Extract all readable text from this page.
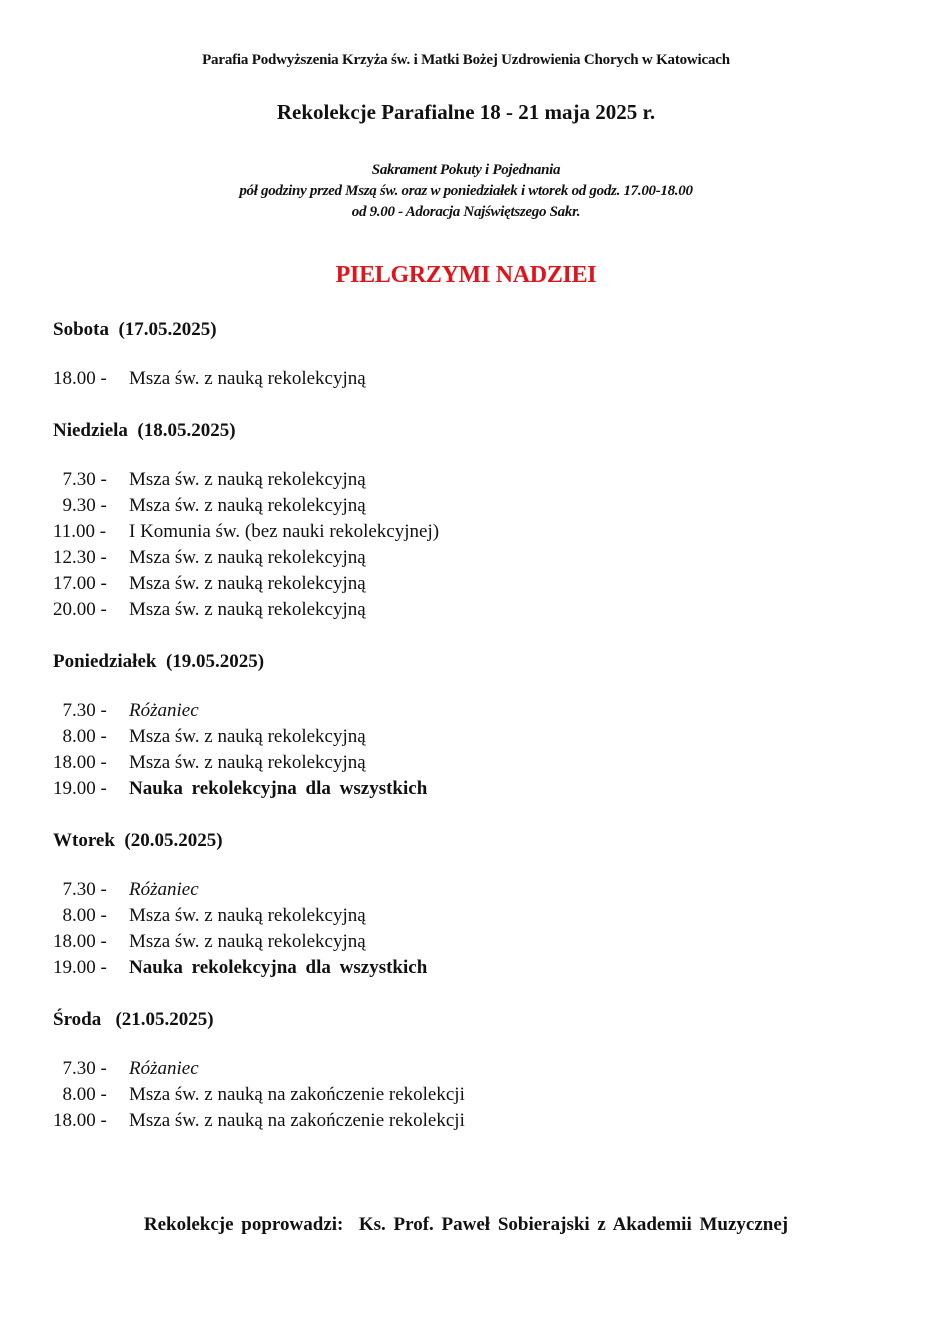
Parafia Podwyższenia Krzyża św. i Matki Bożej Uzdrowienia Chorych w Katowicach
Rekolekcje Parafialne 18 - 21 maja 2025 r.
Sakrament Pokuty i Pojednania
pół godziny przed Mszą św. oraz w poniedziałek i wtorek od godz. 17.00-18.00
od 9.00 - Adoracja Najświętszego Sakr.
PIELGRZYMI NADZIEI
Sobota  (17.05.2025)
18.00 -	Msza św. z nauką rekolekcyjną
Niedziela  (18.05.2025)
7.30 -	Msza św. z nauką rekolekcyjną
9.30 -	Msza św. z nauką rekolekcyjną
11.00 -	I Komunia św. (bez nauki rekolekcyjnej)
12.30 -	Msza św. z nauką rekolekcyjną
17.00 -	Msza św. z nauką rekolekcyjną
20.00 -	Msza św. z nauką rekolekcyjną
Poniedziałek  (19.05.2025)
7.30 -	Różaniec
8.00 -	Msza św. z nauką rekolekcyjną
18.00 -	Msza św. z nauką rekolekcyjną
19.00 -	Nauka rekolekcyjna dla wszystkich
Wtorek  (20.05.2025)
7.30 -	Różaniec
8.00 -	Msza św. z nauką rekolekcyjną
18.00 -	Msza św. z nauką rekolekcyjną
19.00 -	Nauka rekolekcyjna dla wszystkich
Środa   (21.05.2025)
7.30 -	Różaniec
8.00 -	Msza św. z nauką na zakończenie rekolekcji
18.00 -	Msza św. z nauką na zakończenie rekolekcji
Rekolekcje poprowadzi:  Ks. Prof. Paweł Sobierajski z Akademii Muzycznej
